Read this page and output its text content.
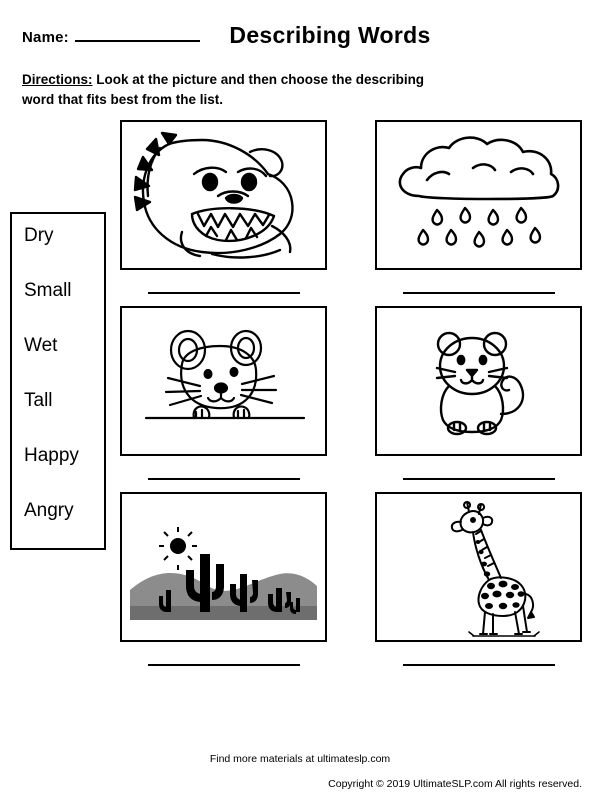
Name:	Describing Words
Directions: Look at the picture and then choose the describing word that fits best from the list.
Dry
Small
Wet
Tall
Happy
Angry
Find more materials at ultimateslp.com
Copyright © 2019 UltimateSLP.com All rights reserved.
